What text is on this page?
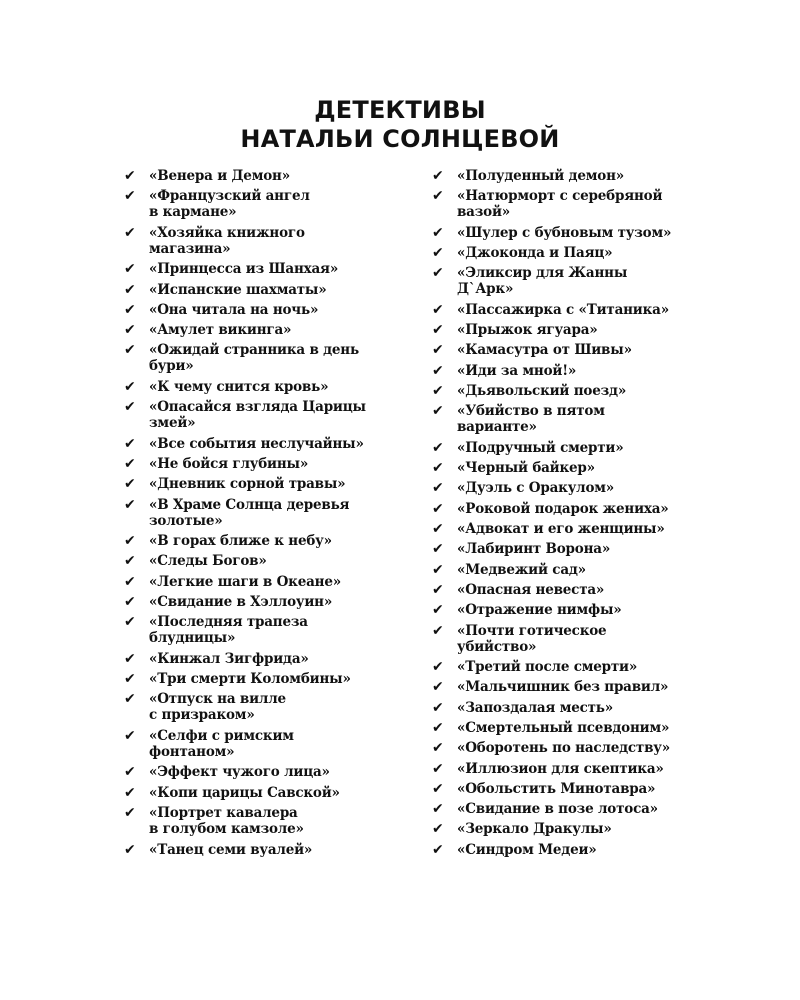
ДЕТЕКТИВЫ
НАТАЛЬИ СОЛНЦЕВОЙ
✔ «Венера и Демон»
✔ «Французский ангел
в кармане»
✔ «Хозяйка книжного
магазина»
✔ «Принцесса из Шанхая»
✔ «Испанские шахматы»
✔ «Она читала на ночь»
✔ «Амулет викинга»
✔ «Ожидай странника в день
бури»
✔ «К чему снится кровь»
✔ «Опасайся взгляда Царицы
змей»
✔ «Все события неслучайны»
✔ «Не бойся глубины»
✔ «Дневник сорной травы»
✔ «В Храме Солнца деревья
золотые»
✔ «В горах ближе к небу»
✔ «Следы Богов»
✔ «Легкие шаги в Океане»
✔ «Свидание в Хэллоуин»
✔ «Последняя трапеза
блудницы»
✔ «Кинжал Зигфрида»
✔ «Три смерти Коломбины»
✔ «Отпуск на вилле
с призраком»
✔ «Селфи с римским
фонтаном»
✔ «Эффект чужого лица»
✔ «Копи царицы Савской»
✔ «Портрет кавалера
в голубом камзоле»
✔ «Танец семи вуалей»
✔ «Полуденный демон»
✔ «Натюрморт с серебряной
вазой»
✔ «Шулер с бубновым тузом»
✔ «Джоконда и Паяц»
✔ «Эликсир для Жанны
Д`Арк»
✔ «Пассажирка с «Титаника»
✔ «Прыжок ягуара»
✔ «Камасутра от Шивы»
✔ «Иди за мной!»
✔ «Дьявольский поезд»
✔ «Убийство в пятом
варианте»
✔ «Подручный смерти»
✔ «Черный байкер»
✔ «Дуэль с Оракулом»
✔ «Роковой подарок жениха»
✔ «Адвокат и его женщины»
✔ «Лабиринт Ворона»
✔ «Медвежий сад»
✔ «Опасная невеста»
✔ «Отражение нимфы»
✔ «Почти готическое
убийство»
✔ «Третий после смерти»
✔ «Мальчишник без правил»
✔ «Запоздалая месть»
✔ «Смертельный псевдоним»
✔ «Оборотень по наследству»
✔ «Иллюзион для скептика»
✔ «Обольстить Минотавра»
✔ «Свидание в позе лотоса»
✔ «Зеркало Дракулы»
✔ «Синдром Медеи»
